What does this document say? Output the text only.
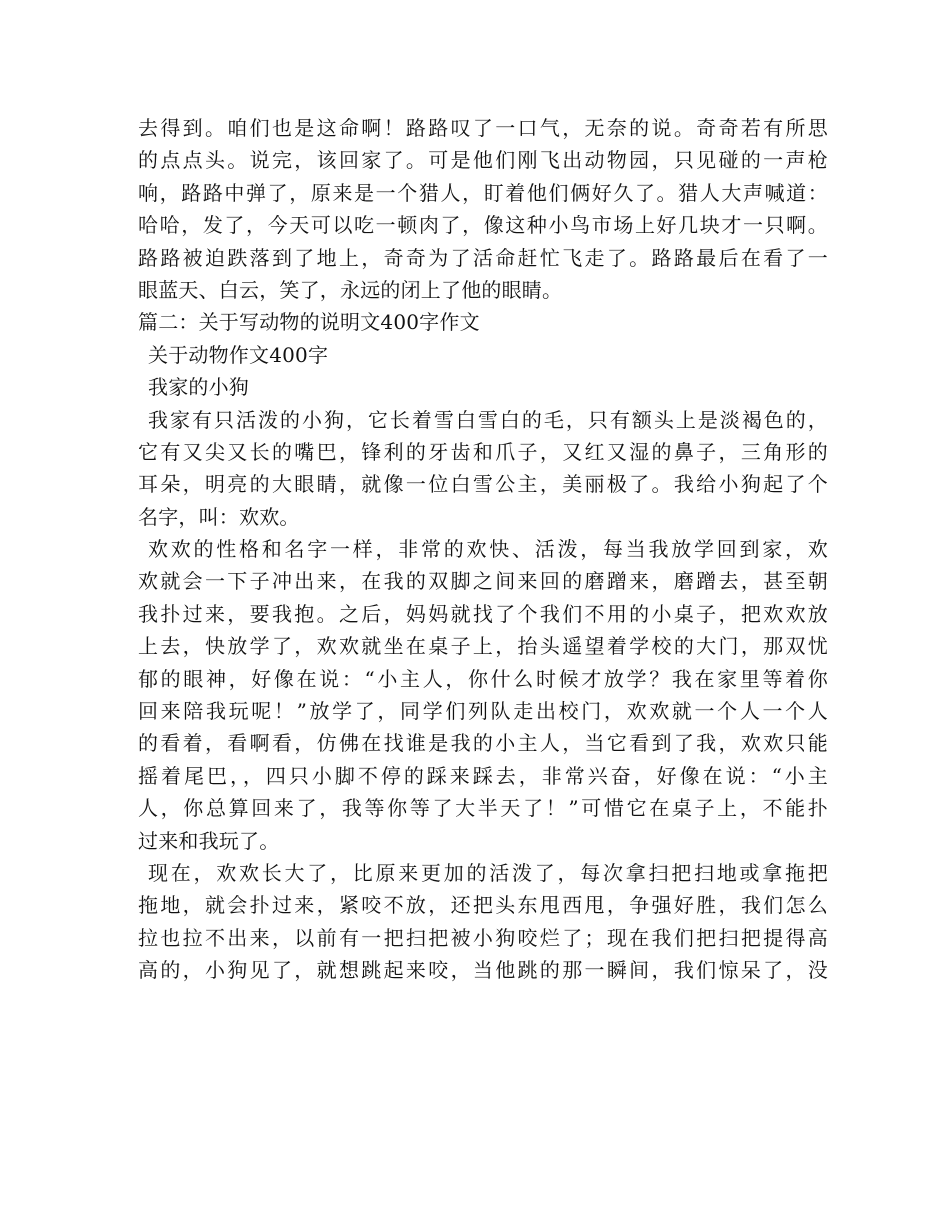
去得到。咱们也是这命啊！路路叹了一口气，无奈的说。奇奇若有所思
的点点头。说完，该回家了。可是他们刚飞出动物园，只见碰的一声枪
响，路路中弹了，原来是一个猎人，盯着他们俩好久了。猎人大声喊道：
哈哈，发了，今天可以吃一顿肉了，像这种小鸟市场上好几块才一只啊。
路路被迫跌落到了地上，奇奇为了活命赶忙飞走了。路路最后在看了一
眼蓝天、白云，笑了，永远的闭上了他的眼睛。
篇二：关于写动物的说明文400字作文
关于动物作文400字
我家的小狗
我家有只活泼的小狗，它长着雪白雪白的毛，只有额头上是淡褐色的，
它有又尖又长的嘴巴，锋利的牙齿和爪子，又红又湿的鼻子，三角形的
耳朵，明亮的大眼睛，就像一位白雪公主，美丽极了。我给小狗起了个
名字，叫：欢欢。
欢欢的性格和名字一样，非常的欢快、活泼，每当我放学回到家，欢
欢就会一下子冲出来，在我的双脚之间来回的磨蹭来，磨蹭去，甚至朝
我扑过来，要我抱。之后，妈妈就找了个我们不用的小桌子，把欢欢放
上去，快放学了，欢欢就坐在桌子上，抬头遥望着学校的大门，那双忧
郁的眼神，好像在说：“小主人，你什么时候才放学？我在家里等着你
回来陪我玩呢！”放学了，同学们列队走出校门，欢欢就一个人一个人
的看着，看啊看，仿佛在找谁是我的小主人，当它看到了我，欢欢只能
摇着尾巴，，四只小脚不停的踩来踩去，非常兴奋，好像在说：“小主
人，你总算回来了，我等你等了大半天了！”可惜它在桌子上，不能扑
过来和我玩了。
现在，欢欢长大了，比原来更加的活泼了，每次拿扫把扫地或拿拖把
拖地，就会扑过来，紧咬不放，还把头东甩西甩，争强好胜，我们怎么
拉也拉不出来，以前有一把扫把被小狗咬烂了；现在我们把扫把提得高
高的，小狗见了，就想跳起来咬，当他跳的那一瞬间，我们惊呆了，没
